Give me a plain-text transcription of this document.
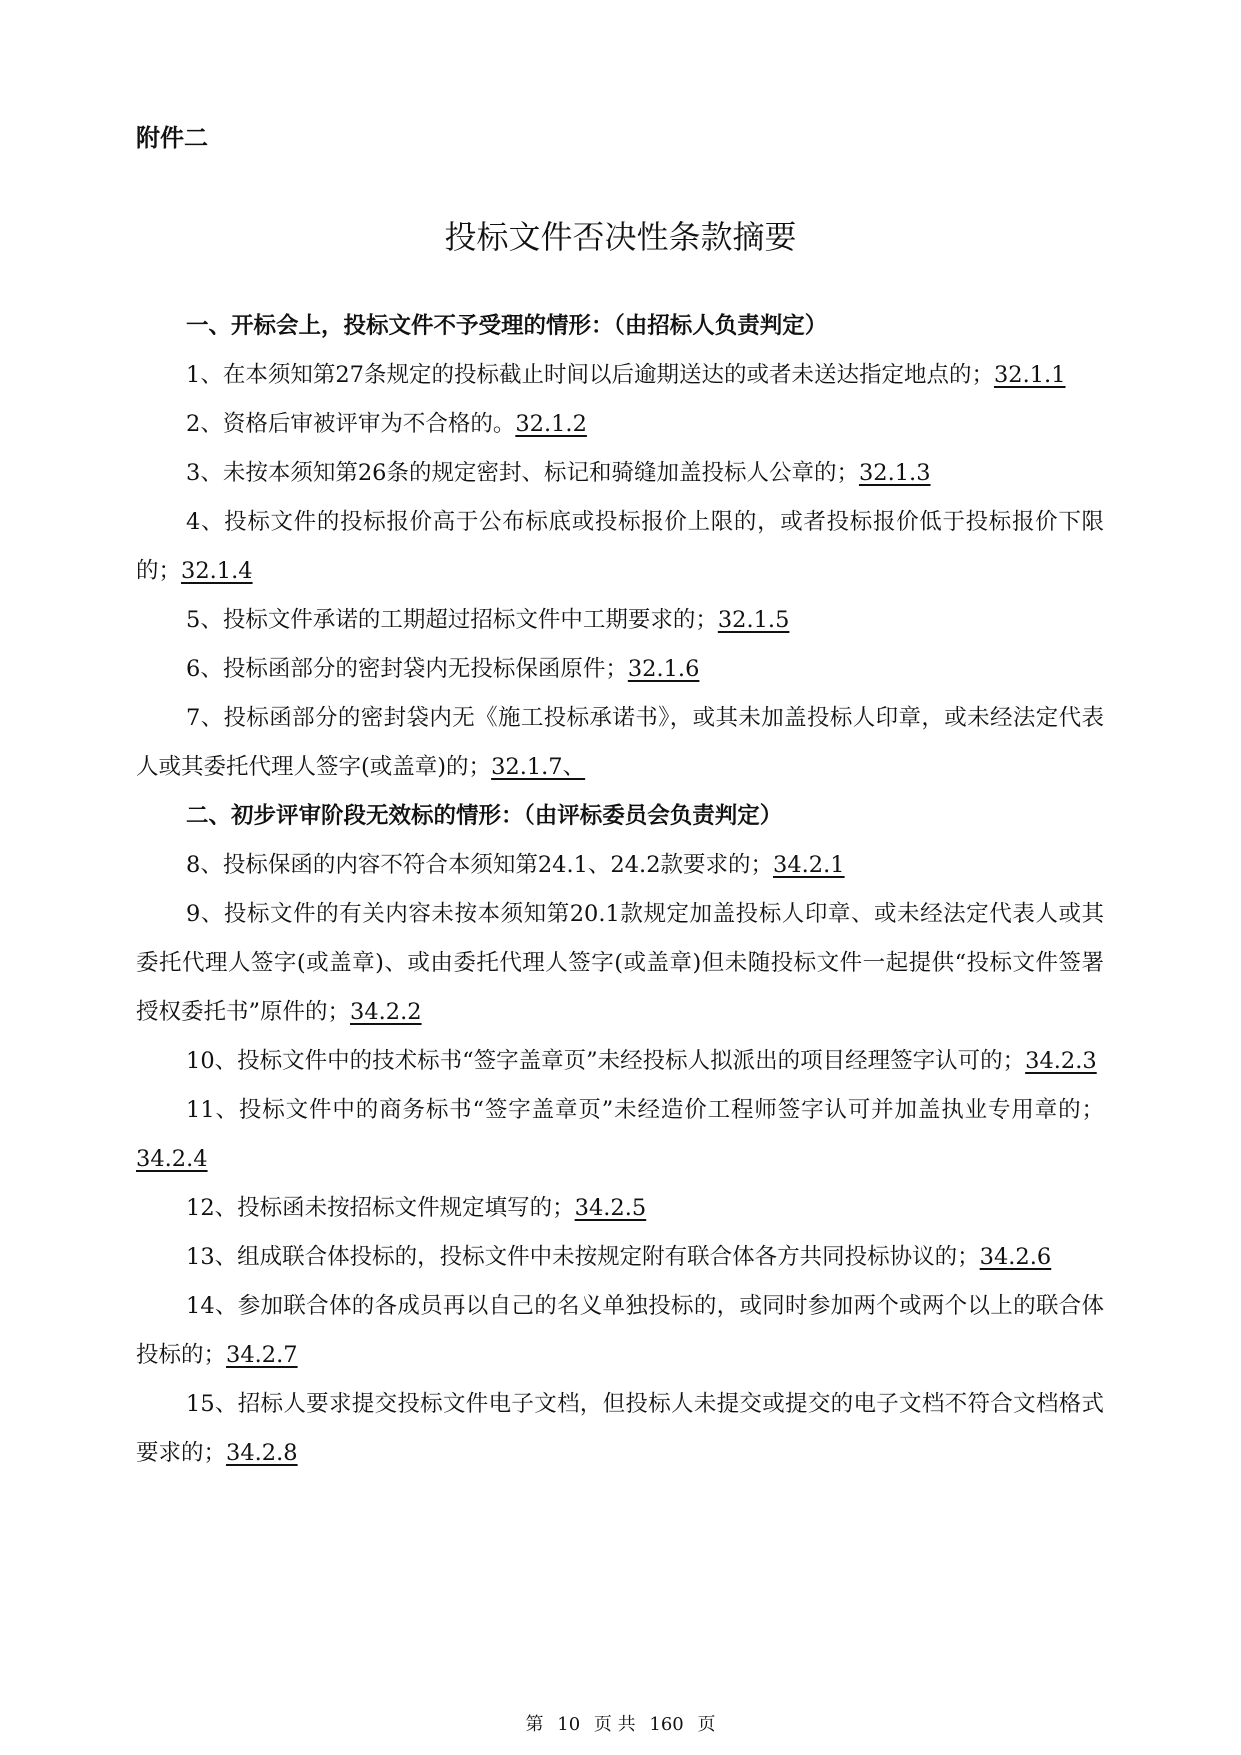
附件二
投标文件否决性条款摘要

一、开标会上，投标文件不予受理的情形：（由招标人负责判定）

1、在本须知第27条规定的投标截止时间以后逾期送达的或者未送达指定地点的；32.1.1

2、资格后审被评审为不合格的。32.1.2

3、未按本须知第26条的规定密封、标记和骑缝加盖投标人公章的；32.1.3

4、投标文件的投标报价高于公布标底或投标报价上限的，或者投标报价低于投标报价下限的；32.1.4

5、投标文件承诺的工期超过招标文件中工期要求的；32.1.5

6、投标函部分的密封袋内无投标保函原件；32.1.6

7、投标函部分的密封袋内无《施工投标承诺书》，或其未加盖投标人印章，或未经法定代表人或其委托代理人签字(或盖章)的；32.1.7、

二、初步评审阶段无效标的情形：（由评标委员会负责判定）

8、投标保函的内容不符合本须知第24.1、24.2款要求的；34.2.1

9、投标文件的有关内容未按本须知第20.1款规定加盖投标人印章、或未经法定代表人或其委托代理人签字(或盖章)、或由委托代理人签字(或盖章)但未随投标文件一起提供“投标文件签署授权委托书”原件的；34.2.2

10、投标文件中的技术标书“签字盖章页”未经投标人拟派出的项目经理签字认可的；34.2.3

11、投标文件中的商务标书“签字盖章页”未经造价工程师签字认可并加盖执业专用章的；34.2.4

12、投标函未按招标文件规定填写的；34.2.5

13、组成联合体投标的，投标文件中未按规定附有联合体各方共同投标协议的；34.2.6

14、参加联合体的各成员再以自己的名义单独投标的，或同时参加两个或两个以上的联合体投标的；34.2.7

15、招标人要求提交投标文件电子文档，但投标人未提交或提交的电子文档不符合文档格式要求的；34.2.8

第 10 页 共 160 页
